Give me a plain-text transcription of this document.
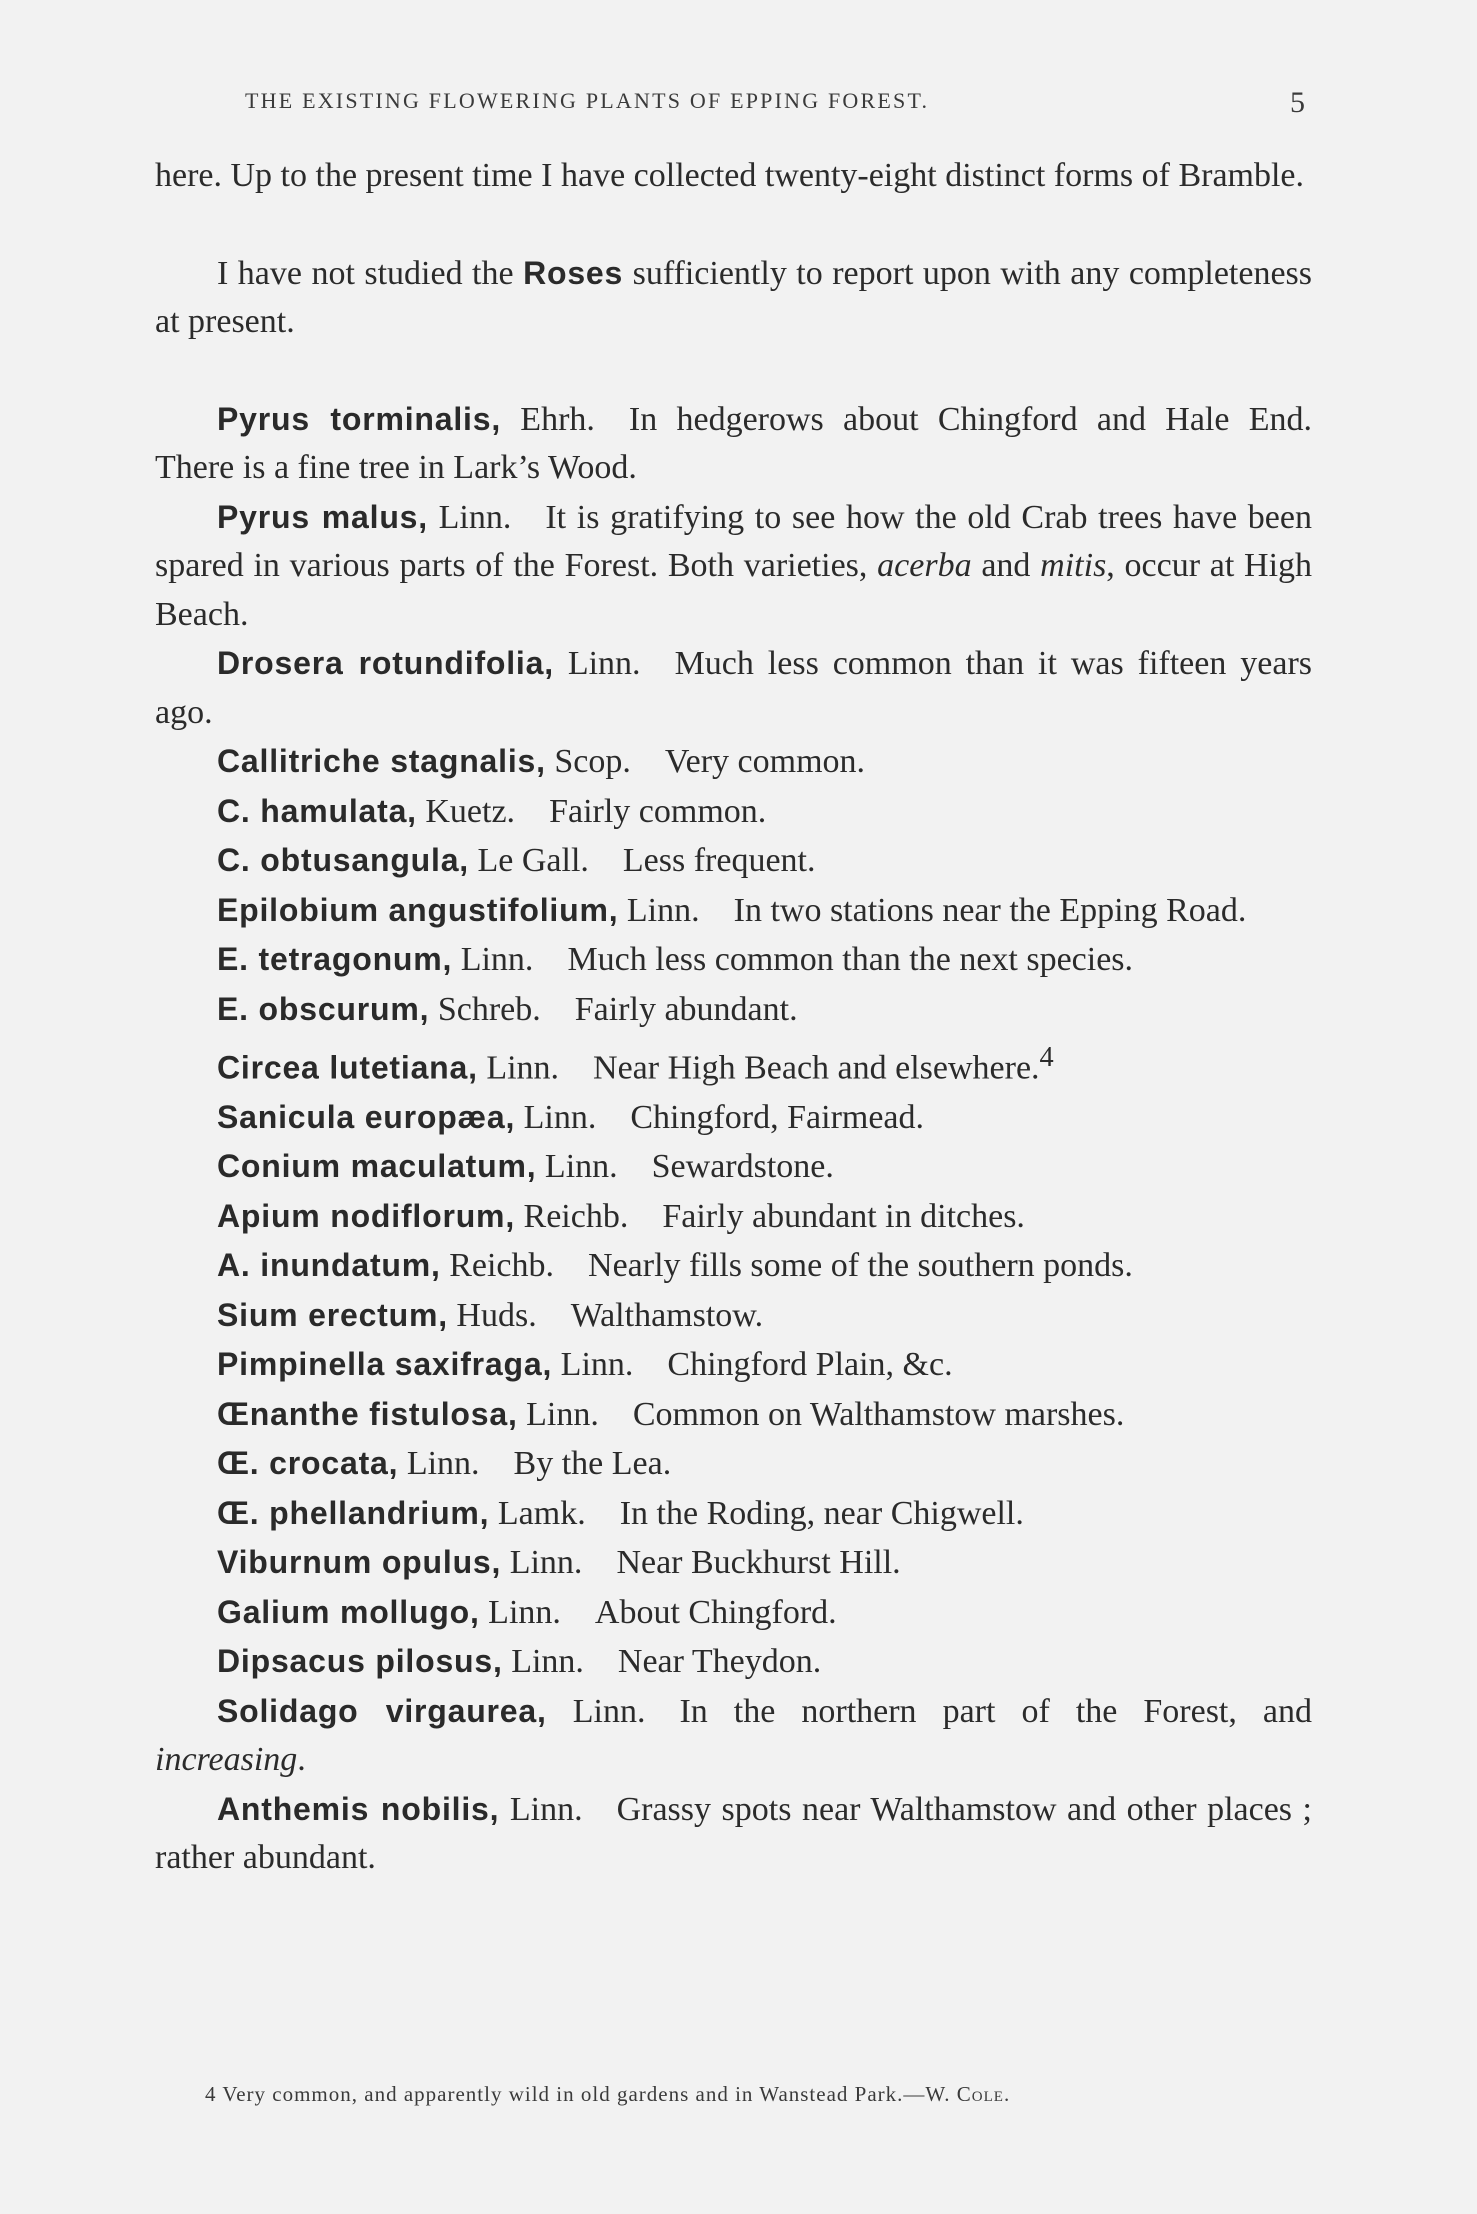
THE EXISTING FLOWERING PLANTS OF EPPING FOREST.	5

here. Up to the present time I have collected twenty-eight distinct forms of Bramble.

I have not studied the Roses sufficiently to report upon with any completeness at present.

Pyrus torminalis, Ehrh.  In hedgerows about Chingford and Hale End. There is a fine tree in Lark’s Wood.

Pyrus malus, Linn.  It is gratifying to see how the old Crab trees have been spared in various parts of the Forest. Both varieties, acerba and mitis, occur at High Beach.

Drosera rotundifolia, Linn.  Much less common than it was fifteen years ago.

Callitriche stagnalis, Scop.  Very common.

C. hamulata, Kuetz.  Fairly common.

C. obtusangula, Le Gall.  Less frequent.

Epilobium angustifolium, Linn.  In two stations near the Epping Road.

E. tetragonum, Linn.  Much less common than the next species.

E. obscurum, Schreb.  Fairly abundant.

Circea lutetiana, Linn.  Near High Beach and elsewhere.$^4$

Sanicula europæa, Linn.  Chingford, Fairmead.

Conium maculatum, Linn.  Sewardstone.

Apium nodiflorum, Reichb.  Fairly abundant in ditches.

A. inundatum, Reichb.  Nearly fills some of the southern ponds.

Sium erectum, Huds.  Walthamstow.

Pimpinella saxifraga, Linn.  Chingford Plain, &c.

Œnanthe fistulosa, Linn.  Common on Walthamstow marshes.

Œ. crocata, Linn.  By the Lea.

Œ. phellandrium, Lamk.  In the Roding, near Chigwell.

Viburnum opulus, Linn.  Near Buckhurst Hill.

Galium mollugo, Linn.  About Chingford.

Dipsacus pilosus, Linn.  Near Theydon.

Solidago virgaurea, Linn.  In the northern part of the Forest, and increasing.

Anthemis nobilis, Linn.  Grassy spots near Walthamstow and other places ; rather abundant.

4 Very common, and apparently wild in old gardens and in Wanstead Park.—W. Cole.
